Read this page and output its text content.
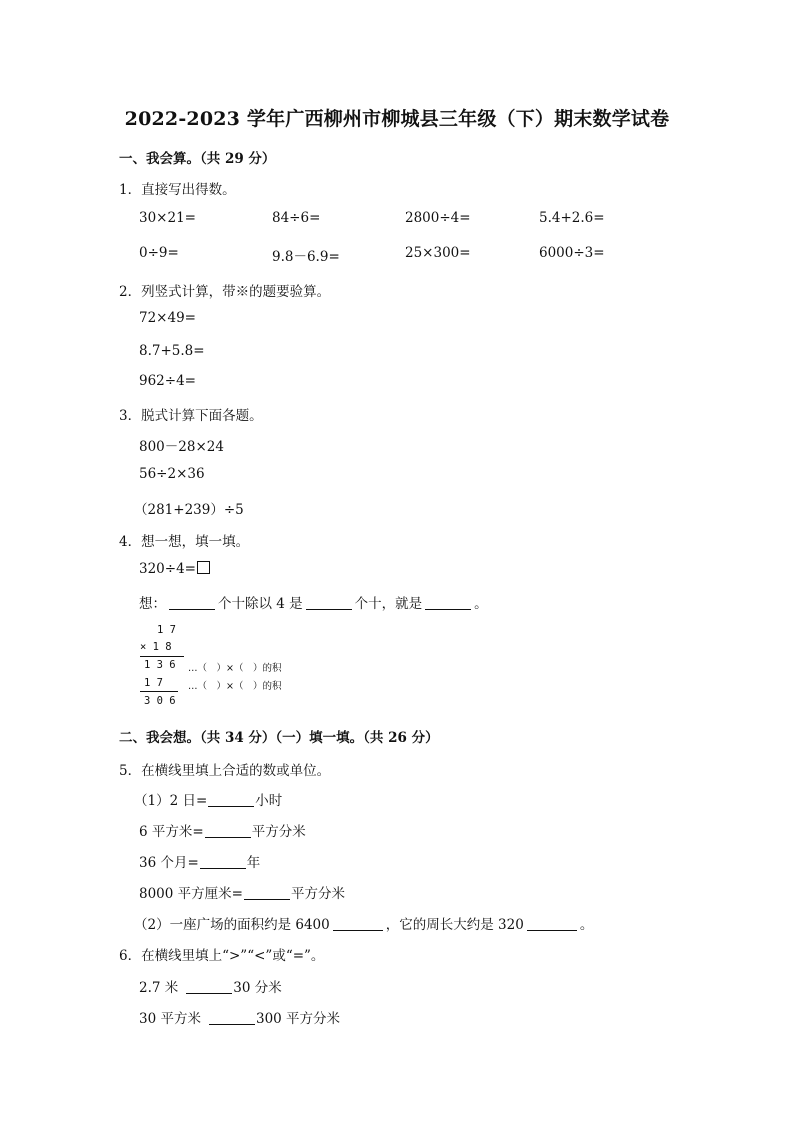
2022-2023 学年广西柳州市柳城县三年级（下）期末数学试卷
一、我会算。（共 29 分）
1．直接写出得数。
30×21=	84÷6=	2800÷4=	5.4+2.6=
0÷9=	9.8－6.9=	25×300=	6000÷3=
2．列竖式计算，带※的题要验算。
72×49=
8.7+5.8=
962÷4=
3．脱式计算下面各题。
800－28×24
56÷2×36
（281+239）÷5
4．想一想，填一填。
320÷4=
想：	个十除以 4 是	个十，就是	。
1 7
× 1 8
1 3 6 …（　）×（　）的积
1 7	…（　）×（　）的积
3 0 6
二、我会想。（共 34 分）（一）填一填。（共 26 分）
5．在横线里填上合适的数或单位。
（1）2 日=	小时
6 平方米=	平方分米
36 个月=	年
8000 平方厘米=	平方分米
（2）一座广场的面积约是 6400	，它的周长大约是 320	。
6．在横线里填上“>”“<”或“=”。
2.7 米	30 分米
30 平方米	300 平方分米
